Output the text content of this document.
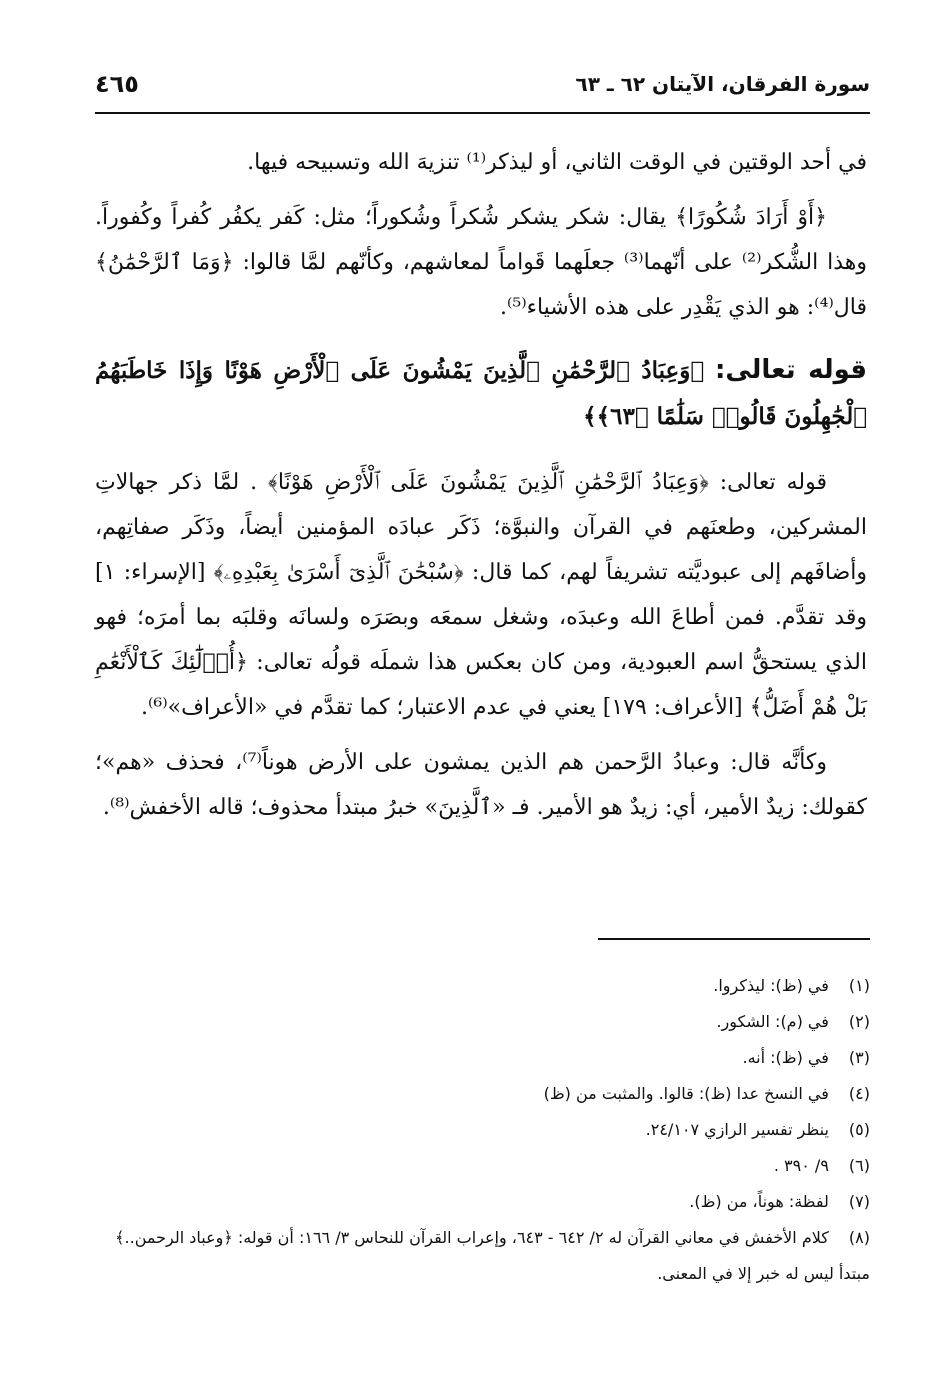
سورة الفرقان، الآيتان ٦٢ ـ ٦٣
٤٦٥

في أحد الوقتين في الوقت الثاني، أو ليذكر⁽¹⁾ تنزيهَ الله وتسبيحه فيها.

﴿أَوْ أَرَادَ شُكُورًا﴾ يقال: شكر يشكر شُكراً وشُكوراً؛ مثل: كَفر يكفُر كُفراً وكُفوراً. وهذا الشُّكر⁽²⁾ على أنّهما⁽³⁾ جعلَهما قَواماً لمعاشهم، وكأنّهم لمَّا قالوا: ﴿وَمَا ٱلرَّحْمَٰنُ﴾ قال⁽⁴⁾: هو الذي يَقْدِر على هذه الأشياء⁽⁵⁾.

قوله تعالى: ﴿وَعِبَادُ ٱلرَّحْمَٰنِ ٱلَّذِينَ يَمْشُونَ عَلَى ٱلْأَرْضِ هَوْنًا وَإِذَا خَاطَبَهُمُ ٱلْجَٰهِلُونَ قَالُوا۟ سَلَٰمًا ﴿٦٣﴾﴾

قوله تعالى: ﴿وَعِبَادُ ٱلرَّحْمَٰنِ ٱلَّذِينَ يَمْشُونَ عَلَى ٱلْأَرْضِ هَوْنًا﴾ . لمَّا ذكر جهالاتِ المشركين، وطعنَهم في القرآن والنبوَّة؛ ذَكَر عبادَه المؤمنين أيضاً، وذَكَر صفاتِهم، وأضافَهم إلى عبوديَّته تشريفاً لهم، كما قال: ﴿سُبْحَٰنَ ٱلَّذِىٓ أَسْرَىٰ بِعَبْدِهِۦ﴾ [الإسراء: ١] وقد تقدَّم. فمن أطاعَ الله وعبدَه، وشغل سمعَه وبصَرَه ولسانَه وقلبَه بما أمرَه؛ فهو الذي يستحقُّ اسم العبودية، ومن كان بعكس هذا شملَه قولُه تعالى: ﴿أُو۟لَٰٓئِكَ كَٱلْأَنْعَٰمِ بَلْ هُمْ أَضَلُّ﴾ [الأعراف: ١٧٩] يعني في عدم الاعتبار؛ كما تقدَّم في «الأعراف»⁽⁶⁾.

وكأنَّه قال: وعبادُ الرَّحمن هم الذين يمشون على الأرض هوناً⁽⁷⁾، فحذف «هم»؛ كقولك: زيدٌ الأمير، أي: زيدٌ هو الأمير. فـ «ٱلَّذِينَ» خبرُ مبتدأ محذوف؛ قاله الأخفش⁽⁸⁾.

(١) في (ظ): ليذكروا.

(٢) في (م): الشكور.

(٣) في (ظ): أنه.

(٤) في النسخ عدا (ظ): قالوا. والمثبت من (ظ)

(٥) ينظر تفسير الرازي ٢٤/١٠٧.

(٦) ٩/ ٣٩٠ .

(٧) لفظة: هوناً، من (ظ).

(٨) كلام الأخفش في معاني القرآن له ٢/ ٦٤٢ - ٦٤٣، وإعراب القرآن للنحاس ٣/ ١٦٦: أن قوله: ﴿وعباد الرحمن..﴾ مبتدأ ليس له خبر إلا في المعنى.
